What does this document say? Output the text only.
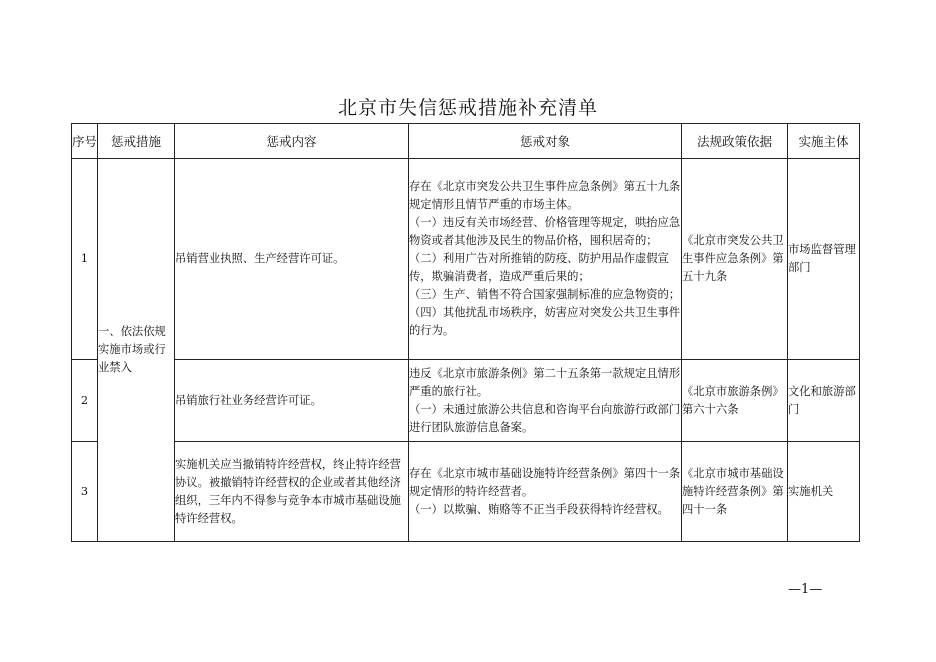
北京市失信惩戒措施补充清单
序号	惩戒措施	惩戒内容	惩戒对象	法规政策依据	实施主体
1	一、依法依规实施市场或行业禁入	吊销营业执照、生产经营许可证。	存在《北京市突发公共卫生事件应急条例》第五十九条规定情形且情节严重的市场主体。
（一）违反有关市场经营、价格管理等规定，哄抬应急物资或者其他涉及民生的物品价格，囤积居奇的；
（二）利用广告对所推销的防疫、防护用品作虚假宣传，欺骗消费者，造成严重后果的；
（三）生产、销售不符合国家强制标准的应急物资的；
（四）其他扰乱市场秩序，妨害应对突发公共卫生事件的行为。	《北京市突发公共卫生事件应急条例》第五十九条	市场监督管理部门
2		吊销旅行社业务经营许可证。	违反《北京市旅游条例》第二十五条第一款规定且情形严重的旅行社。
（一）未通过旅游公共信息和咨询平台向旅游行政部门进行团队旅游信息备案。	《北京市旅游条例》第六十六条	文化和旅游部门
3		实施机关应当撤销特许经营权，终止特许经营协议。被撤销特许经营权的企业或者其他经济组织，三年内不得参与竞争本市城市基础设施特许经营权。	存在《北京市城市基础设施特许经营条例》第四十一条规定情形的特许经营者。
（一）以欺骗、贿赂等不正当手段获得特许经营权。	《北京市城市基础设施特许经营条例》第四十一条	实施机关
—1—
